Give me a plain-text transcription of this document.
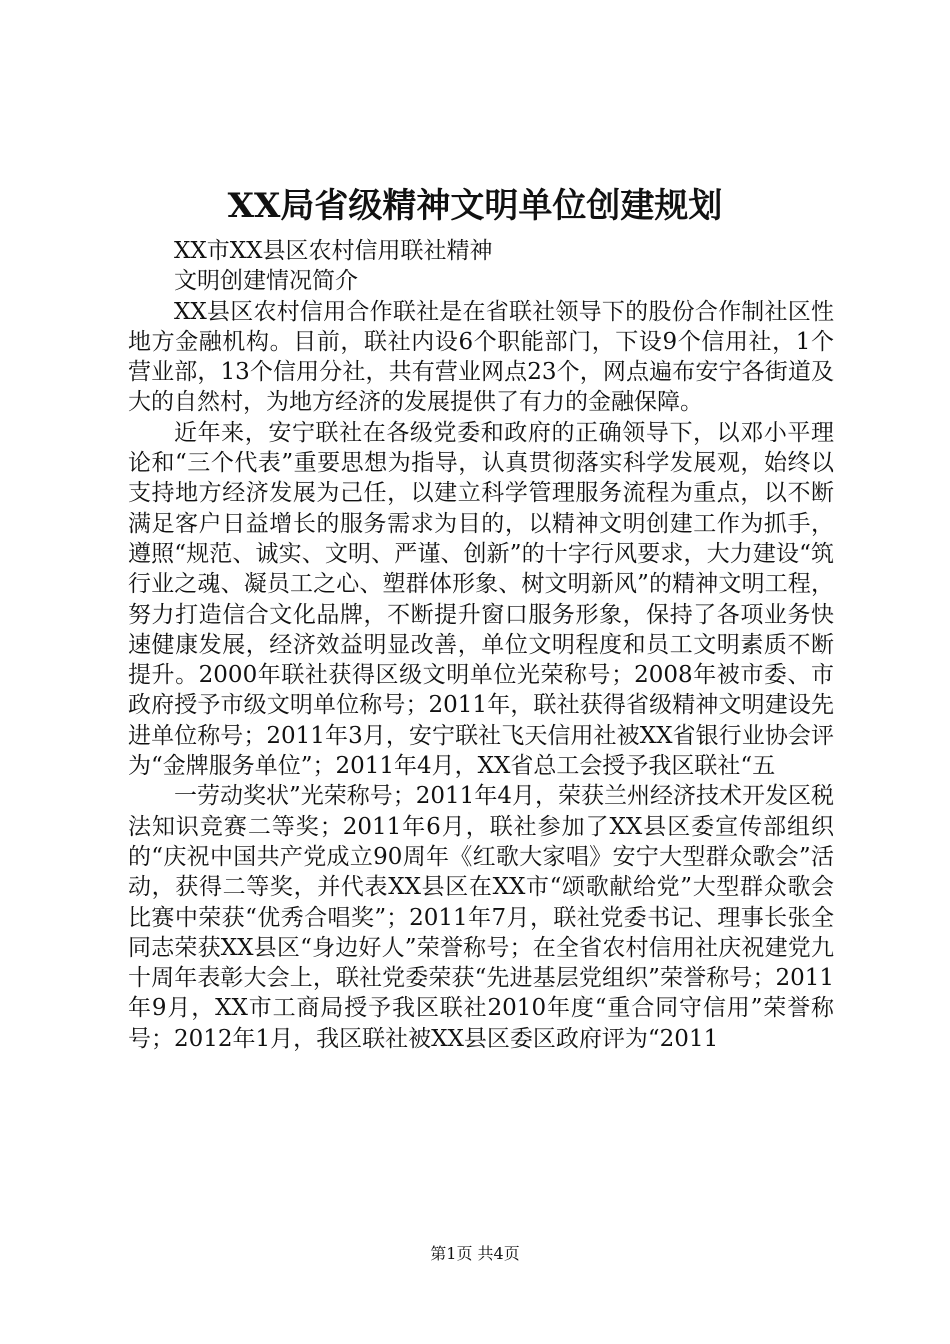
XX局省级精神文明单位创建规划

XX市XX县区农村信用联社精神

文明创建情况简介

XX县区农村信用合作联社是在省联社领导下的股份合作制社区性地方金融机构。目前，联社内设6个职能部门，下设9个信用社，1个营业部，13个信用分社，共有营业网点23个，网点遍布安宁各街道及大的自然村，为地方经济的发展提供了有力的金融保障。

近年来，安宁联社在各级党委和政府的正确领导下，以邓小平理论和“三个代表”重要思想为指导，认真贯彻落实科学发展观，始终以支持地方经济发展为己任，以建立科学管理服务流程为重点，以不断满足客户日益增长的服务需求为目的，以精神文明创建工作为抓手，遵照“规范、诚实、文明、严谨、创新”的十字行风要求，大力建设“筑行业之魂、凝员工之心、塑群体形象、树文明新风”的精神文明工程，努力打造信合文化品牌，不断提升窗口服务形象，保持了各项业务快速健康发展，经济效益明显改善，单位文明程度和员工文明素质不断提升。2000年联社获得区级文明单位光荣称号；2008年被市委、市政府授予市级文明单位称号；2011年，联社获得省级精神文明建设先进单位称号；2011年3月，安宁联社飞天信用社被XX省银行业协会评为“金牌服务单位”；2011年4月，XX省总工会授予我区联社“五

一劳动奖状”光荣称号；2011年4月，荣获兰州经济技术开发区税法知识竞赛二等奖；2011年6月，联社参加了XX县区委宣传部组织的“庆祝中国共产党成立90周年《红歌大家唱》安宁大型群众歌会”活动，获得二等奖，并代表XX县区在XX市“颂歌献给党”大型群众歌会比赛中荣获“优秀合唱奖”；2011年7月，联社党委书记、理事长张全同志荣获XX县区“身边好人”荣誉称号；在全省农村信用社庆祝建党九十周年表彰大会上，联社党委荣获“先进基层党组织”荣誉称号；2011年9月，XX市工商局授予我区联社2010年度“重合同守信用”荣誉称号；2012年1月，我区联社被XX县区委区政府评为“2011

第1页 共4页
